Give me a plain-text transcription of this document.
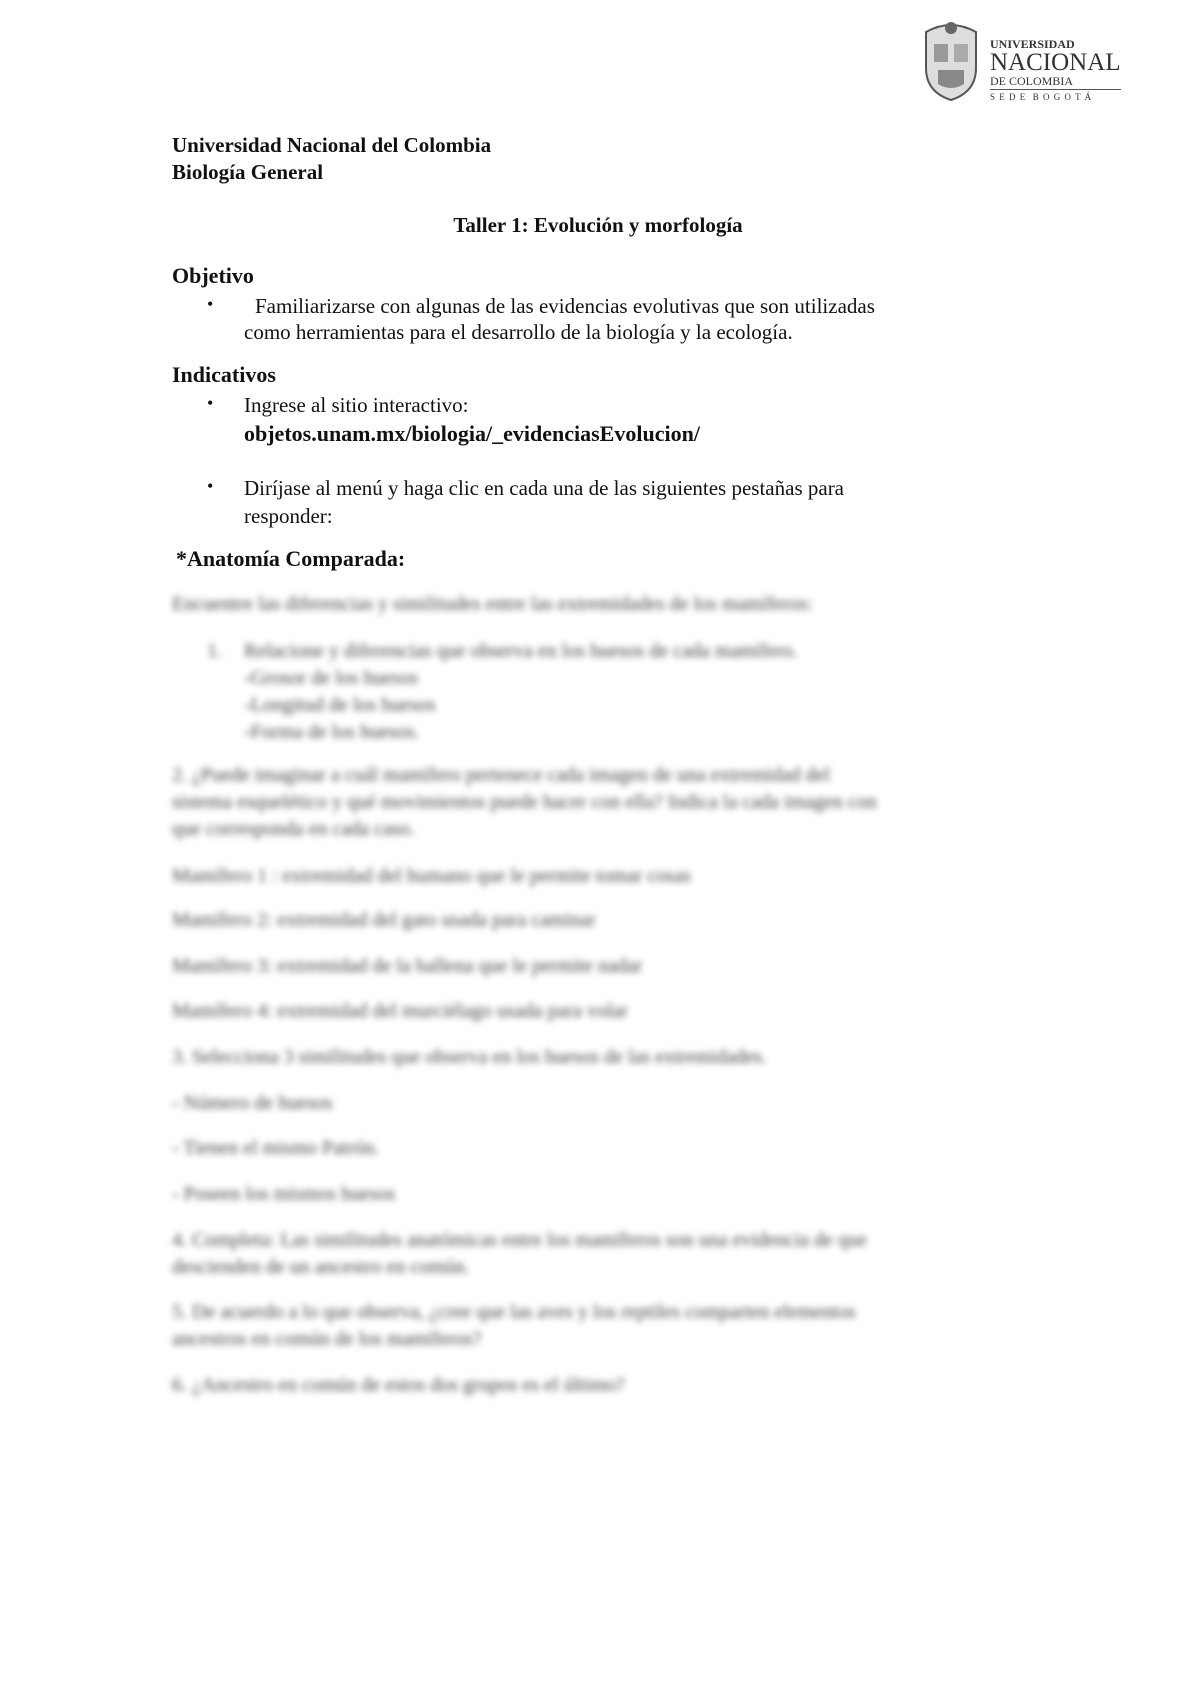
UNIVERSIDAD
NACIONAL
DE COLOMBIA
S E D E  B O G O T Á
Universidad Nacional del Colombia
Biología General
Taller 1: Evolución y morfología
Objetivo
• Familiarizarse con algunas de las evidencias evolutivas que son utilizadas
como herramientas para el desarrollo de la biología y la ecología.
Indicativos
• Ingrese al sitio interactivo:
objetos.unam.mx/biologia/_evidenciasEvolucion/
• Diríjase al menú y haga clic en cada una de las siguientes pestañas para
responder:
*Anatomía Comparada:
Encuentre las diferencias y similitudes entre las extremidades de los mamíferos:
1. Relacione y diferencias que observa en los huesos de cada mamífero.
-Grosor de los huesos
-Longitud de los huesos
-Forma de los huesos.
2. ¿Puede imaginar a cuál mamífero pertenece cada imagen de una extremidad del
sistema esquelético y qué movimientos puede hacer con ella? Indica la cada imagen con
que corresponda en cada caso.
Mamífero 1 : extremidad del humano que le permite tomar cosas
Mamífero 2: extremidad del gato usada para caminar
Mamífero 3: extremidad de la ballena que le permite nadar
Mamífero 4: extremidad del murciélago usada para volar
3. Selecciona 3 similitudes que observa en los huesos de las extremidades.
- Número de huesos
- Tienen el mismo Patrón.
- Poseen los mismos huesos
4. Completa: Las similitudes anatómicas entre los mamíferos son una evidencia de que
descienden de un ancestro en común.
5. De acuerdo a lo que observa, ¿cree que las aves y los reptiles comparten elementos
ancestros en común de los mamíferos?
6. ¿Ancestro en común de estos dos grupos es el último?
